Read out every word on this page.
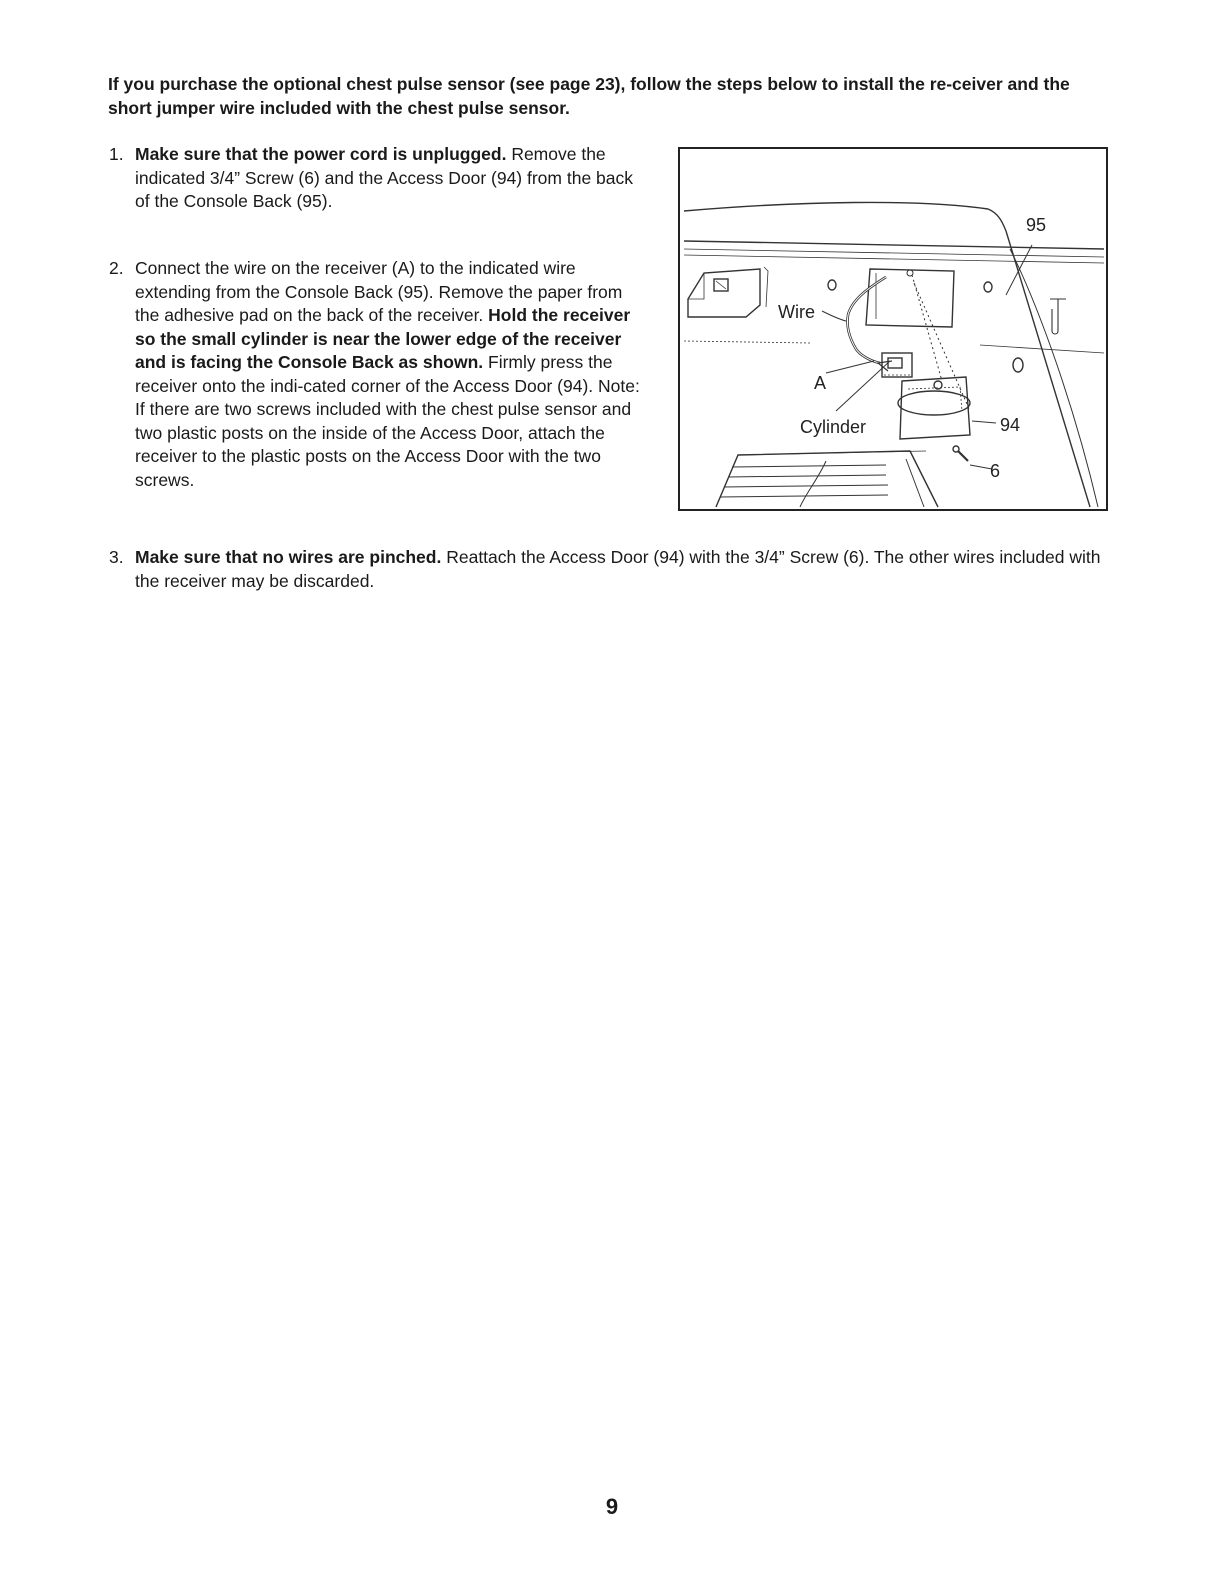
If you purchase the optional chest pulse sensor (see page 23), follow the steps below to install the re-ceiver and the short jumper wire included with the chest pulse sensor.

1. Make sure that the power cord is unplugged. Remove the indicated 3/4” Screw (6) and the Access Door (94) from the back of the Console Back (95).
2. Connect the wire on the receiver (A) to the indicated wire extending from the Console Back (95). Remove the paper from the adhesive pad on the back of the receiver. Hold the receiver so the small cylinder is near the lower edge of the receiver and is facing the Console Back as shown. Firmly press the receiver onto the indi-cated corner of the Access Door (94). Note: If there are two screws included with the chest pulse sensor and two plastic posts on the inside of the Access Door, attach the receiver to the plastic posts on the Access Door with the two screws.
95
Wire
A
Cylinder	94
6
3. Make sure that no wires are pinched. Reattach the Access Door (94) with the 3/4” Screw (6). The other wires included with the receiver may be discarded.
9
